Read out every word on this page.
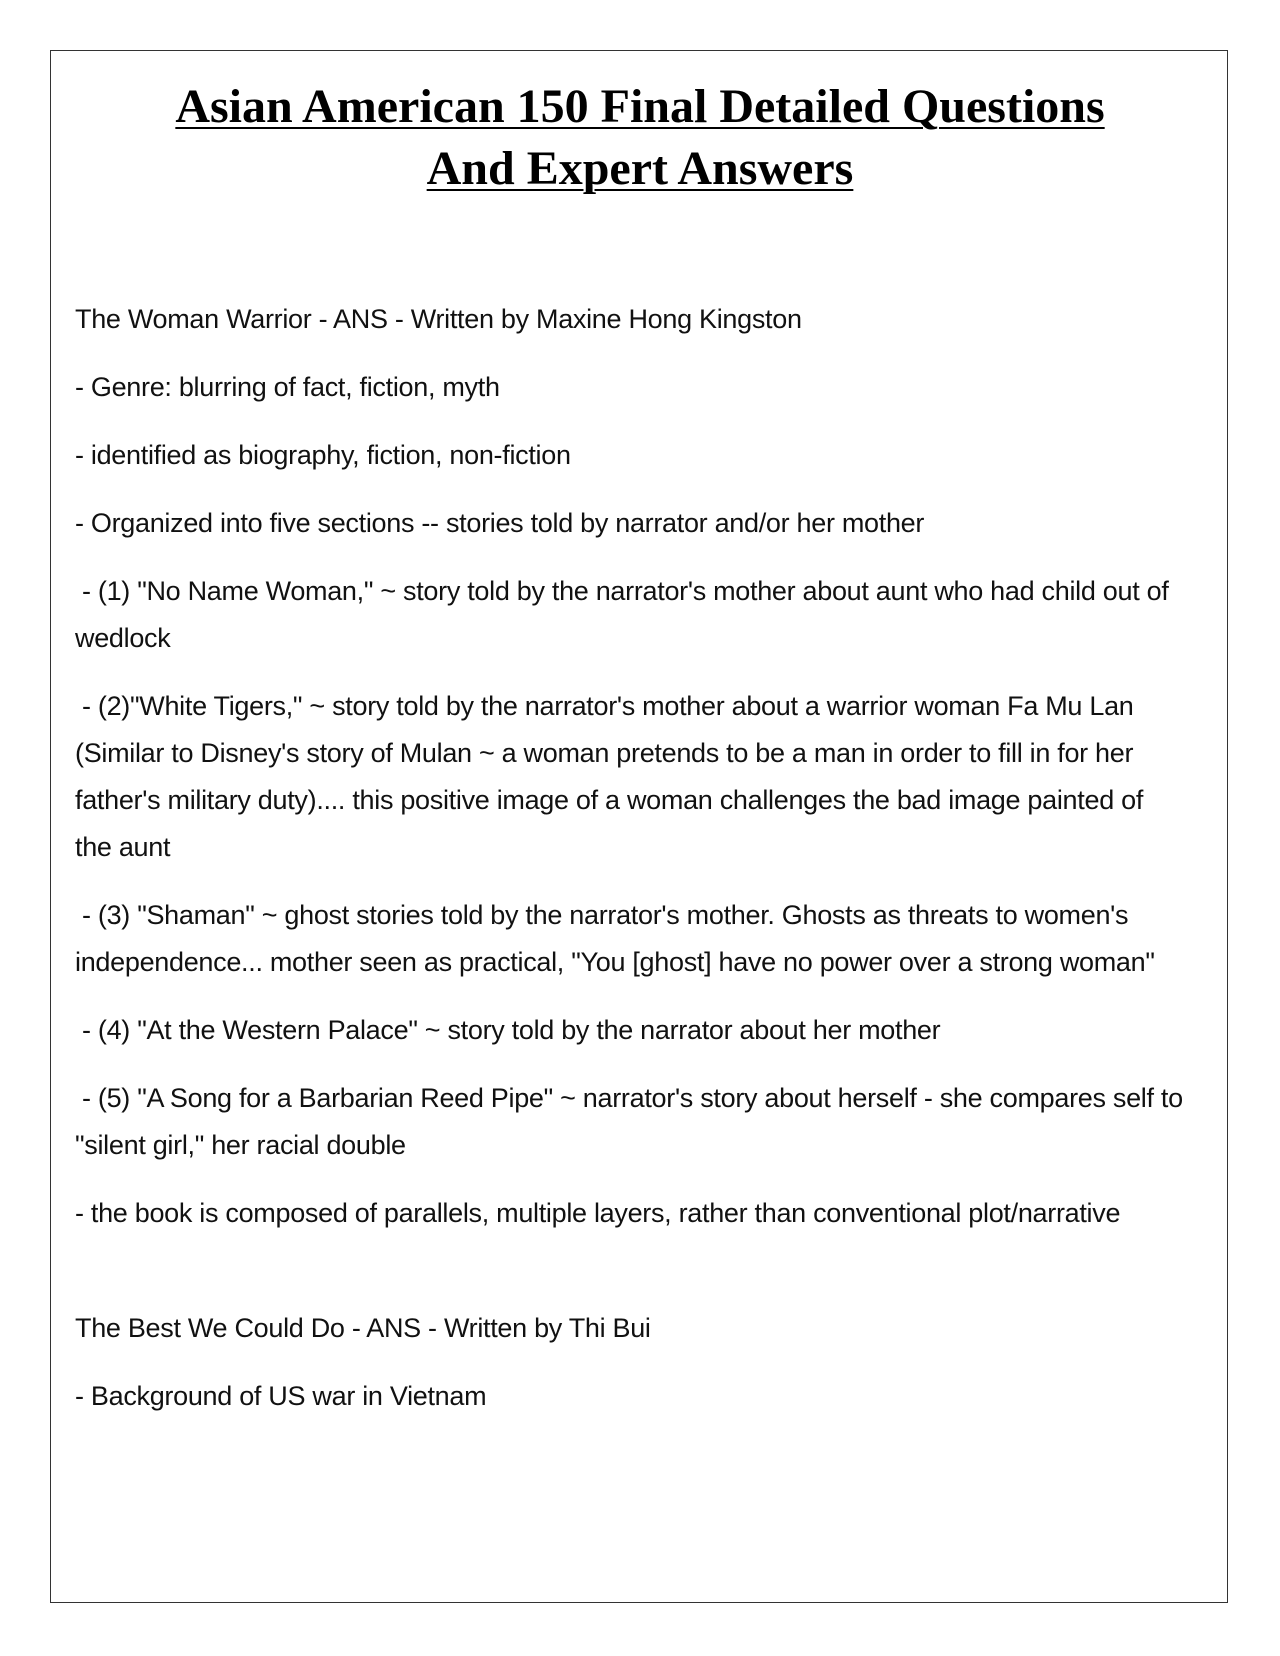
Asian American 150 Final Detailed Questions
And Expert Answers

The Woman Warrior - ANS - Written by Maxine Hong Kingston

- Genre: blurring of fact, fiction, myth

- identified as biography, fiction, non-fiction

- Organized into five sections -- stories told by narrator and/or her mother

- (1) "No Name Woman," ~ story told by the narrator's mother about aunt who had child out of wedlock

- (2)"White Tigers," ~ story told by the narrator's mother about a warrior woman Fa Mu Lan (Similar to Disney's story of Mulan ~ a woman pretends to be a man in order to fill in for her father's military duty).... this positive image of a woman challenges the bad image painted of the aunt

- (3) "Shaman" ~ ghost stories told by the narrator's mother. Ghosts as threats to women's independence... mother seen as practical, "You [ghost] have no power over a strong woman"

- (4) "At the Western Palace" ~ story told by the narrator about her mother

- (5) "A Song for a Barbarian Reed Pipe" ~ narrator's story about herself - she compares self to "silent girl," her racial double

- the book is composed of parallels, multiple layers, rather than conventional plot/narrative

The Best We Could Do - ANS - Written by Thi Bui

- Background of US war in Vietnam
